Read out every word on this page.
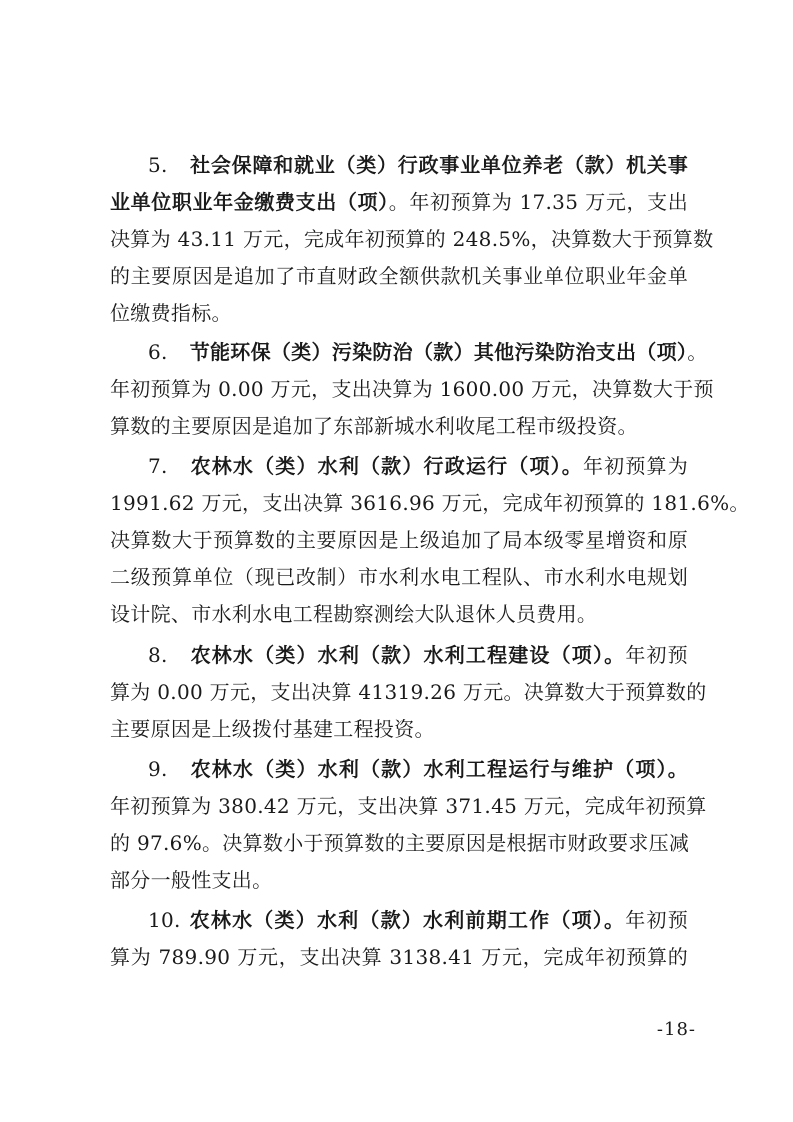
5. 社会保障和就业（类）行政事业单位养老（款）机关事
业单位职业年金缴费支出（项）。年初预算为 17.35 万元，支出
决算为 43.11 万元，完成年初预算的 248.5%，决算数大于预算数
的主要原因是追加了市直财政全额供款机关事业单位职业年金单
位缴费指标。
6. 节能环保（类）污染防治（款）其他污染防治支出（项）。
年初预算为 0.00 万元，支出决算为 1600.00 万元，决算数大于预
算数的主要原因是追加了东部新城水利收尾工程市级投资。
7. 农林水（类）水利（款）行政运行（项）。年初预算为
1991.62 万元，支出决算 3616.96 万元，完成年初预算的 181.6%。
决算数大于预算数的主要原因是上级追加了局本级零星增资和原
二级预算单位（现已改制）市水利水电工程队、市水利水电规划
设计院、市水利水电工程勘察测绘大队退休人员费用。
8. 农林水（类）水利（款）水利工程建设（项）。年初预
算为 0.00 万元，支出决算 41319.26 万元。决算数大于预算数的
主要原因是上级拨付基建工程投资。
9. 农林水（类）水利（款）水利工程运行与维护（项）。
年初预算为 380.42 万元，支出决算 371.45 万元，完成年初预算
的 97.6%。决算数小于预算数的主要原因是根据市财政要求压减
部分一般性支出。
10. 农林水（类）水利（款）水利前期工作（项）。年初预
算为 789.90 万元，支出决算 3138.41 万元，完成年初预算的
-18-
